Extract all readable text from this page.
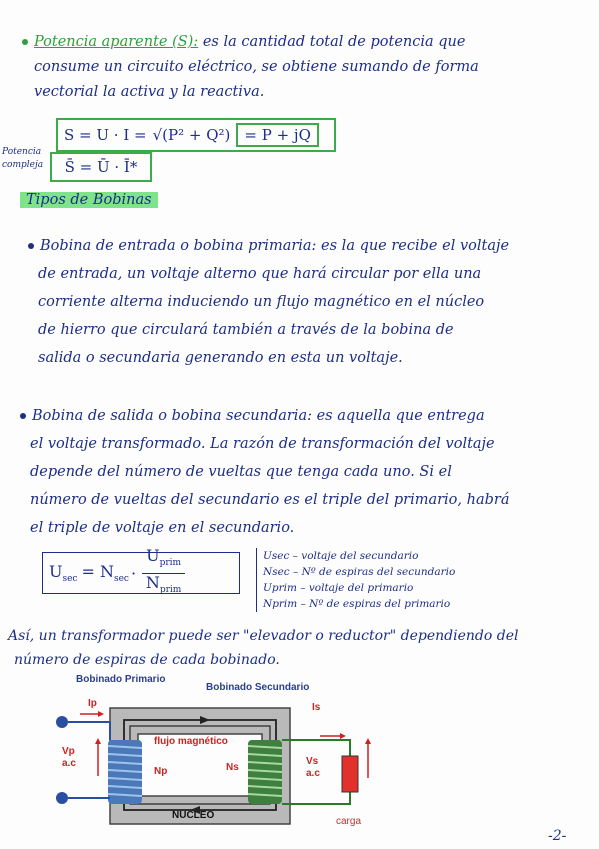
Potencia aparente (S): es la cantidad total de potencia que
consume un circuito eléctrico, se obtiene sumando de forma
vectorial la activa y la reactiva.
S = U · I = √(P² + Q²) = P + jQ
Potencia
compleja S̄ = Ū · Ī*
Tipos de Bobinas
Bobina de entrada o bobina primaria: es la que recibe el voltaje
de entrada, un voltaje alterno que hará circular por ella una
corriente alterna induciendo un flujo magnético en el núcleo
de hierro que circulará también a través de la bobina de
salida o secundaria generando en esta un voltaje.
Bobina de salida o bobina secundaria: es aquella que entrega
el voltaje transformado. La razón de transformación del voltaje
depende del número de vueltas que tenga cada uno. Si el
número de vueltas del secundario es el triple del primario, habrá
el triple de voltaje en el secundario.
$U_{sec} = N_{sec}$ ·
$U_{prim}$
$N_{prim}$
Usec – voltaje del secundario
Nsec – Nº de espiras del secundario
Uprim – voltaje del primario
Nprim – Nº de espiras del primario
Así, un transformador puede ser "elevador o reductor" dependiendo del
número de espiras de cada bobinado.
Bobinado Primario
Bobinado Secundario
Ip	Is
flujo magnético
Np	Ns
Vp
a.c	Vs
a.c
NUCLEO
carga
-2-
